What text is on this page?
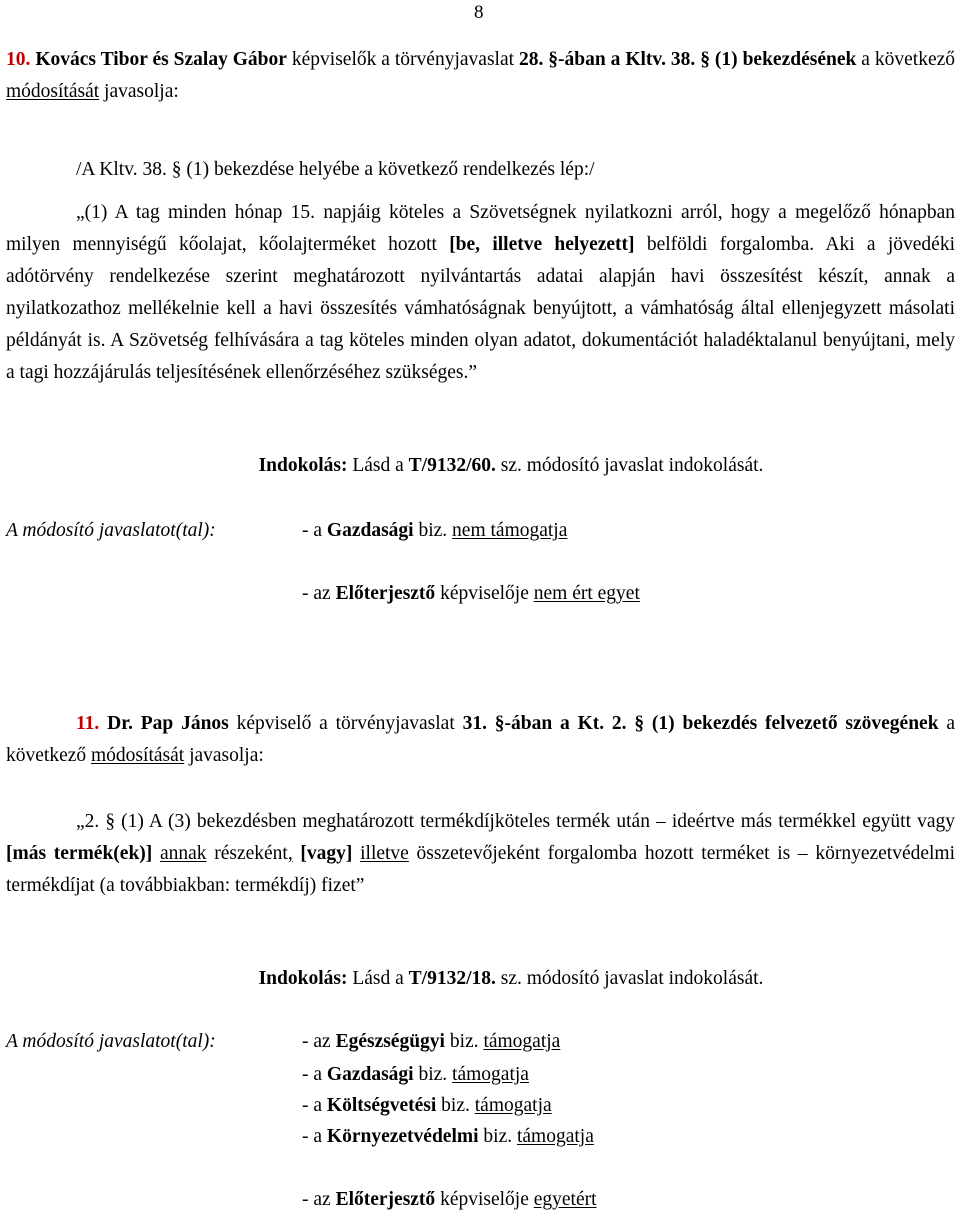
8

10. Kovács Tibor és Szalay Gábor képviselők a törvényjavaslat 28. §-ában a Kltv. 38. § (1) bekezdésének a következő módosítását javasolja:

/A Kltv. 38. § (1) bekezdése helyébe a következő rendelkezés lép:/

„(1) A tag minden hónap 15. napjáig köteles a Szövetségnek nyilatkozni arról, hogy a megelőző hónapban milyen mennyiségű kőolajat, kőolajterméket hozott [be, illetve helyezett] belföldi forgalomba. Aki a jövedéki adótörvény rendelkezése szerint meghatározott nyilvántartás adatai alapján havi összesítést készít, annak a nyilatkozathoz mellékelnie kell a havi összesítés vámhatóságnak benyújtott, a vámhatóság által ellenjegyzett másolati példányát is. A Szövetség felhívására a tag köteles minden olyan adatot, dokumentációt haladéktalanul benyújtani, mely a tagi hozzájárulás teljesítésének ellenőrzéséhez szükséges.”

Indokolás: Lásd a T/9132/60. sz. módosító javaslat indokolását.
A módosító javaslatot(tal):	- a Gazdasági biz. nem támogatja
- az Előterjesztő képviselője nem ért egyet

11. Dr. Pap János képviselő a törvényjavaslat 31. §-ában a Kt. 2. § (1) bekezdés felvezető szövegének a következő módosítását javasolja:

„2. § (1) A (3) bekezdésben meghatározott termékdíjköteles termék után – ideértve más termékkel együtt vagy [más termék(ek)] annak részeként, [vagy] illetve összetevőjeként forgalomba hozott terméket is – környezetvédelmi termékdíjat (a továbbiakban: termékdíj) fizet”

Indokolás: Lásd a T/9132/18. sz. módosító javaslat indokolását.
A módosító javaslatot(tal):	- az Egészségügyi biz. támogatja
- a Gazdasági biz. támogatja
- a Költségvetési biz. támogatja
- a Környezetvédelmi biz. támogatja
- az Előterjesztő képviselője egyetért
